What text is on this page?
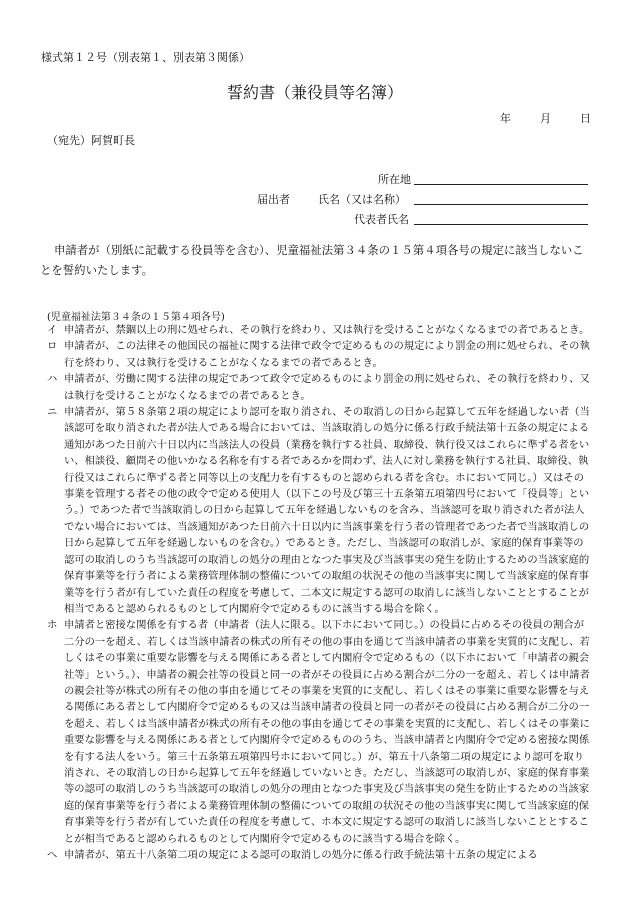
様式第１２号（別表第１、別表第３関係）
誓約書（兼役員等名簿）
年	月	日
（宛先）阿賀町長
所在地
届出者	氏名（又は名称）
代表者氏名
申請者が（別紙に記載する役員等を含む）、児童福祉法第３４条の１５第４項各号の規定に該当しないことを誓約いたします。
(児童福祉法第３４条の１５第４項各号)
イ 申請者が、禁錮以上の刑に処せられ、その執行を終わり、又は執行を受けることがなくなるまでの者であるとき。
ロ 申請者が、この法律その他国民の福祉に関する法律で政令で定めるものの規定により罰金の刑に処せられ、その執行を終わり、又は執行を受けることがなくなるまでの者であるとき。
ハ 申請者が、労働に関する法律の規定であつて政令で定めるものにより罰金の刑に処せられ、その執行を終わり、又は執行を受けることがなくなるまでの者であるとき。
ニ 申請者が、第５８条第２項の規定により認可を取り消され、その取消しの日から起算して五年を経過しない者（当該認可を取り消された者が法人である場合においては、当該取消しの処分に係る行政手続法第十五条の規定による通知があつた日前六十日以内に当該法人の役員（業務を執行する社員、取締役、執行役又はこれらに準ずる者をいい、相談役、顧問その他いかなる名称を有する者であるかを問わず、法人に対し業務を執行する社員、取締役、執行役又はこれらに準ずる者と同等以上の支配力を有するものと認められる者を含む。ホにおいて同じ。）又はその事業を管理する者その他の政令で定める使用人（以下この号及び第三十五条第五項第四号において「役員等」という。）であつた者で当該取消しの日から起算して五年を経過しないものを含み、当該認可を取り消された者が法人でない場合においては、当該通知があつた日前六十日以内に当該事業を行う者の管理者であつた者で当該取消しの日から起算して五年を経過しないものを含む。）であるとき。ただし、当該認可の取消しが、家庭的保育事業等の認可の取消しのうち当該認可の取消しの処分の理由となつた事実及び当該事実の発生を防止するための当該家庭的保育事業等を行う者による業務管理体制の整備についての取組の状況その他の当該事実に関して当該家庭的保育事業等を行う者が有していた責任の程度を考慮して、二本文に規定する認可の取消しに該当しないこととすることが相当であると認められるものとして内閣府令で定めるものに該当する場合を除く。
ホ 申請者と密接な関係を有する者（申請者（法人に限る。以下ホにおいて同じ。）の役員に占めるその役員の割合が二分の一を超え、若しくは当該申請者の株式の所有その他の事由を通じて当該申請者の事業を実質的に支配し、若しくはその事業に重要な影響を与える関係にある者として内閣府令で定めるもの（以下ホにおいて「申請者の親会社等」という。）、申請者の親会社等の役員と同一の者がその役員に占める割合が二分の一を超え、若しくは申請者の親会社等が株式の所有その他の事由を通じてその事業を実質的に支配し、若しくはその事業に重要な影響を与える関係にある者として内閣府令で定めるもの又は当該申請者の役員と同一の者がその役員に占める割合が二分の一を超え、若しくは当該申請者が株式の所有その他の事由を通じてその事業を実質的に支配し、若しくはその事業に重要な影響を与える関係にある者として内閣府令で定めるもののうち、当該申請者と内閣府令で定める密接な関係を有する法人をいう。第三十五条第五項第四号ホにおいて同じ。）が、第五十八条第二項の規定により認可を取り消され、その取消しの日から起算して五年を経過していないとき。ただし、当該認可の取消しが、家庭的保育事業等の認可の取消しのうち当該認可の取消しの処分の理由となつた事実及び当該事実の発生を防止するための当該家庭的保育事業等を行う者による業務管理体制の整備についての取組の状況その他の当該事実に関して当該家庭的保育事業等を行う者が有していた責任の程度を考慮して、ホ本文に規定する認可の取消しに該当しないこととすることが相当であると認められるものとして内閣府令で定めるものに該当する場合を除く。
へ 申請者が、第五十八条第二項の規定による認可の取消しの処分に係る行政手続法第十五条の規定による
